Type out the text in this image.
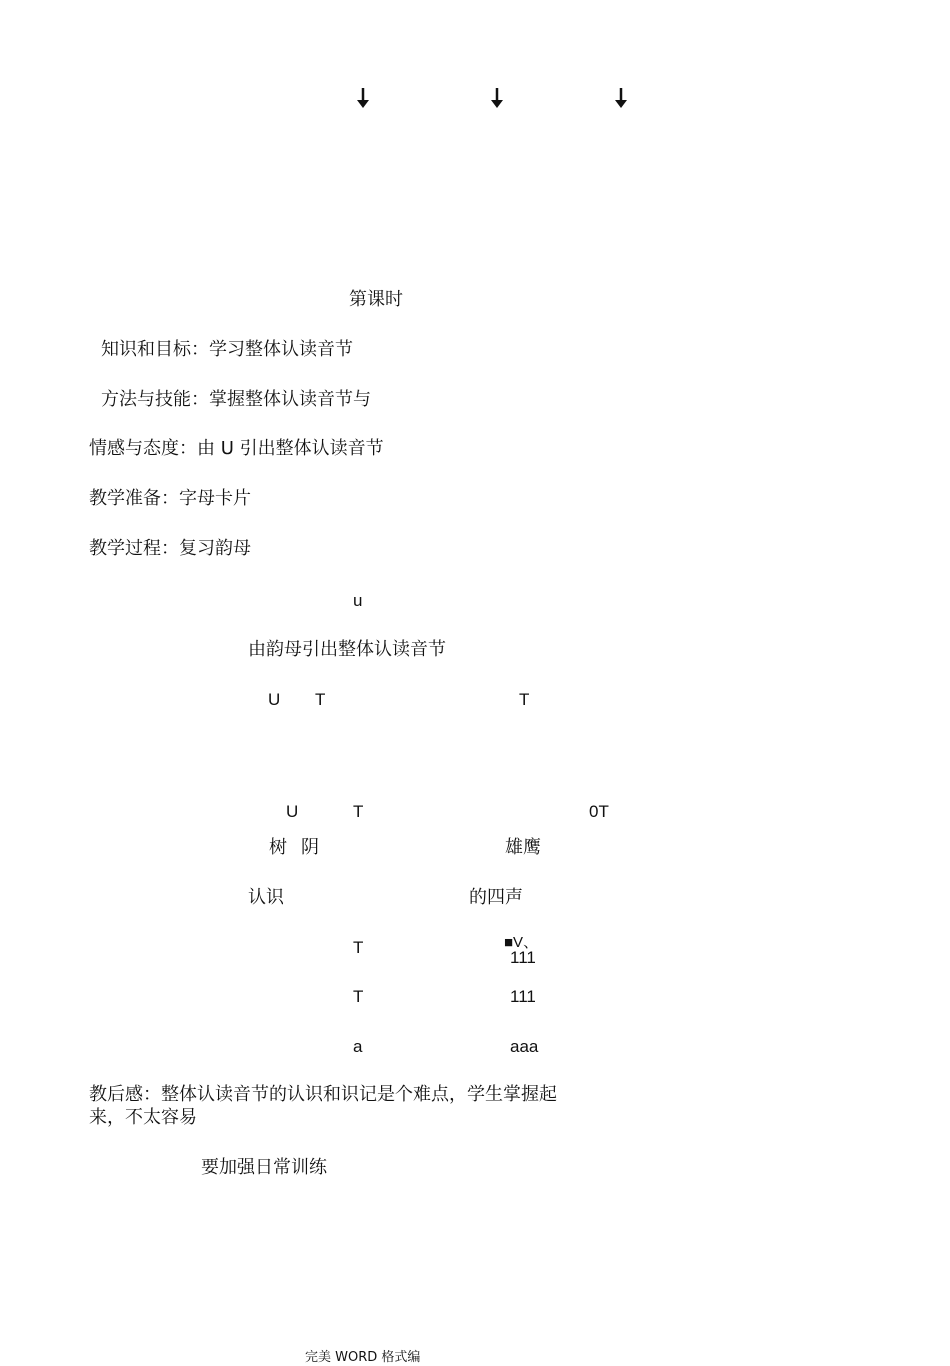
第课时
知识和目标：学习整体认读音节
方法与技能：掌握整体认读音节与
情感与态度：由 U 引出整体认读音节
教学准备：字母卡片
教学过程：复习韵母
u
由韵母引出整体认读音节
U T	T
U	T	0T
树 阴	雄鹰
认识	的四声
T	■V、
111
T	111
a	aaa
教后感：整体认读音节的认识和识记是个难点，学生掌握起
来，不太容易
要加强日常训练
完美 WORD 格式编
